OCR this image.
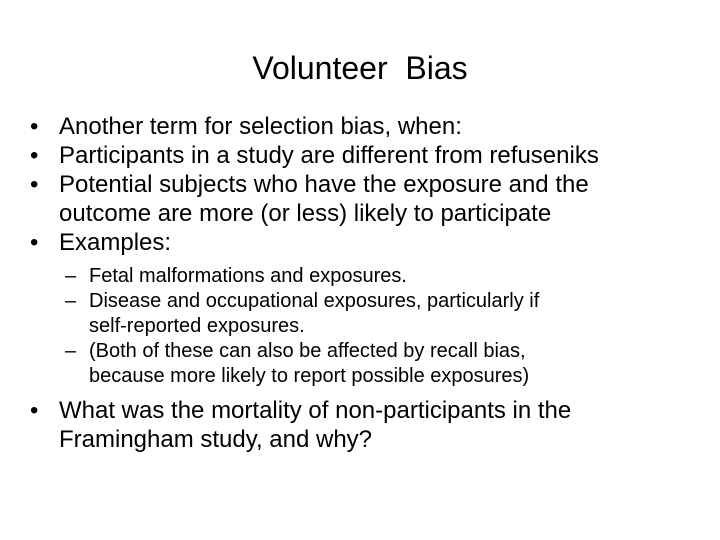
Volunteer  Bias
• Another term for selection bias, when:
• Participants in a study are different from refuseniks
• Potential subjects who have the exposure and the
outcome are more (or less) likely to participate
• Examples:
– Fetal malformations and exposures.
– Disease and occupational exposures, particularly if
self-reported exposures.
– (Both of these can also be affected by recall bias,
because more likely to report possible exposures)
• What was the mortality of non-participants in the
Framingham study, and why?
